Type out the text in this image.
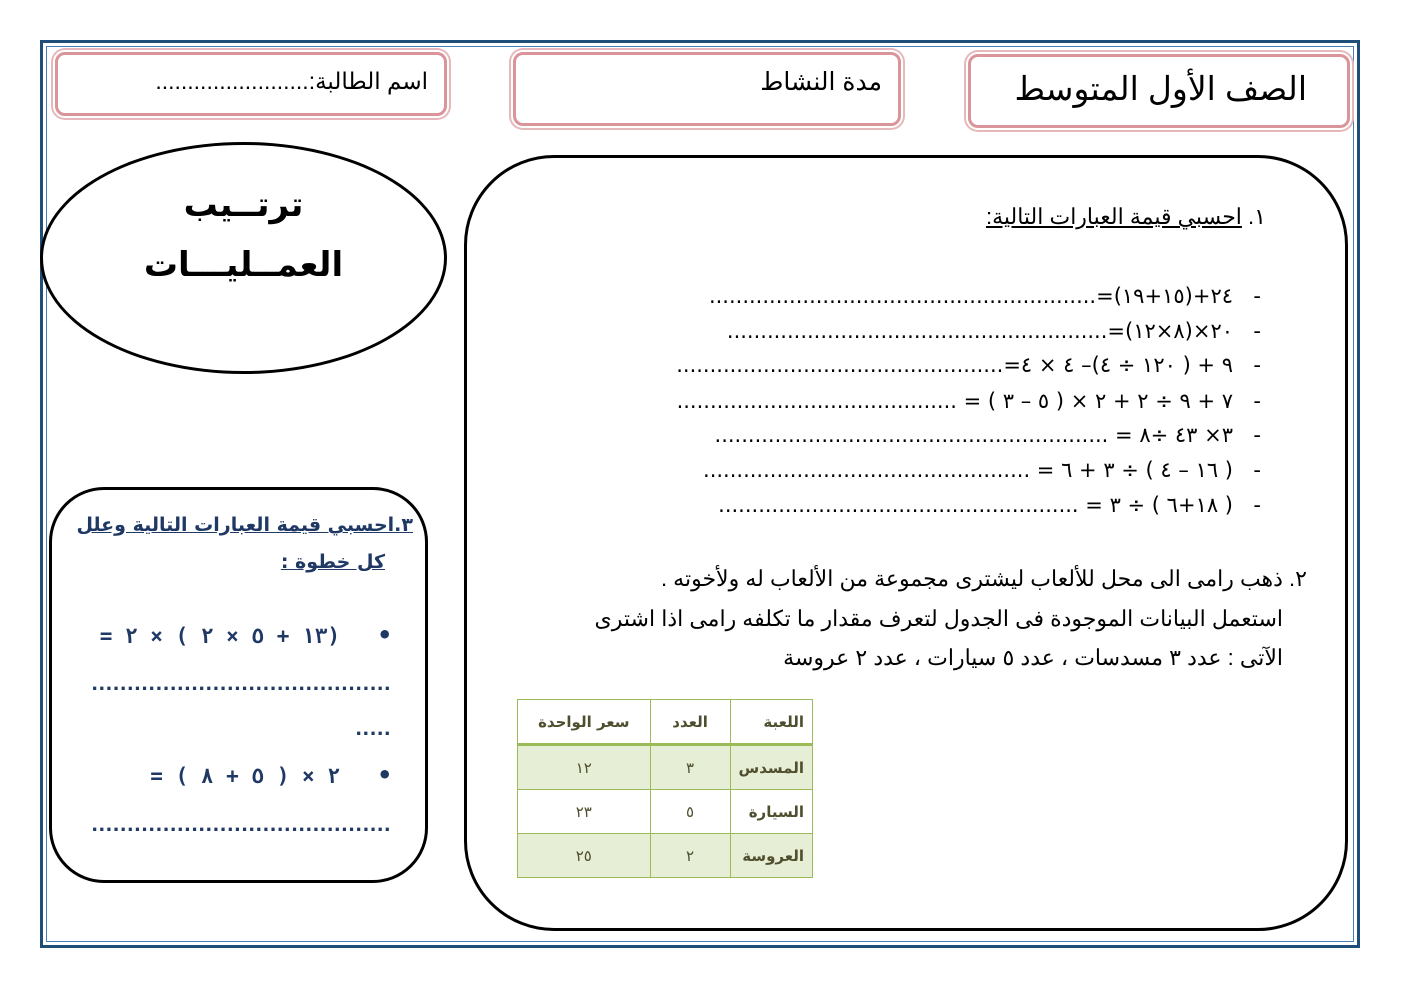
الصف الأول المتوسط
مدة النشاط
اسم الطالبة:........................
ترتــيب
العمــليـــات
١. احسبي قيمة العبارات التالية:
-٢٤+(١٥+١٩)=..........................................................
-٢٠×(٨×١٢)=.........................................................
-٩ + ( ١٢٠ ÷ ٤)– ٤ × ٤=.................................................
-٧ + ٩ ÷ ٢ + ٢ × ( ٥ – ٣ ) = ..........................................
-٣× ٤٣ ÷٨ = ...........................................................
-( ١٦ – ٤ ) ÷ ٣ + ٦ = .................................................
-( ١٨+٦ ) ÷ ٣ = ......................................................
٢. ذهب رامى الى محل للألعاب ليشترى مجموعة من الألعاب له ولأخوته .
استعمل البيانات الموجودة فى الجدول لتعرف مقدار ما تكلفه رامى اذا اشترى
الآتى : عدد ٣ مسدسات ، عدد ٥ سيارات ، عدد ٢ عروسة
اللعبة	العدد	سعر الواحدة
المسدس	٣	١٢
السيارة	٥	٢٣
العروسة	٢	٢٥
٣.احسبي قيمة العبارات التالية وعلل
كل خطوة :
•
(١٣ + ٥ × ٢ ) × ٢ =
..........................................
.....
•
٢ × ( ٥ + ٨ ) =
..........................................
